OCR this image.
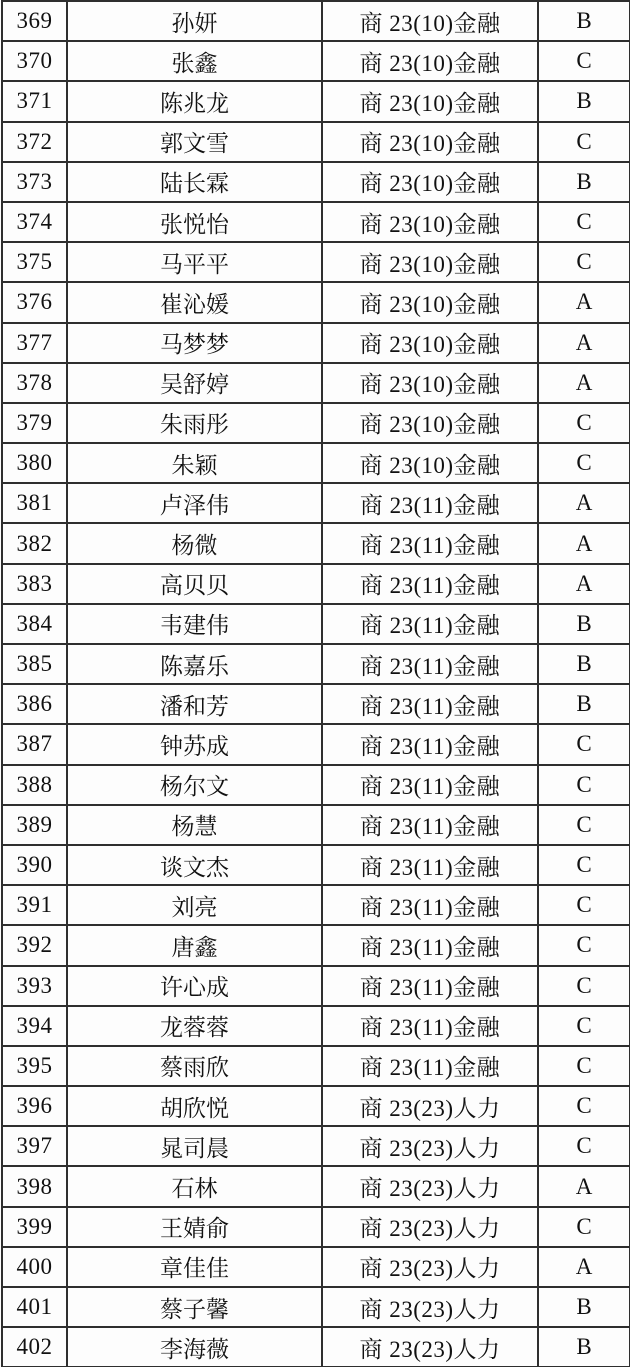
369	孙妍	商 23(10)金融	B
370	张鑫	商 23(10)金融	C
371	陈兆龙	商 23(10)金融	B
372	郭文雪	商 23(10)金融	C
373	陆长霖	商 23(10)金融	B
374	张悦怡	商 23(10)金融	C
375	马平平	商 23(10)金融	C
376	崔沁媛	商 23(10)金融	A
377	马梦梦	商 23(10)金融	A
378	吴舒婷	商 23(10)金融	A
379	朱雨彤	商 23(10)金融	C
380	朱颖	商 23(10)金融	C
381	卢泽伟	商 23(11)金融	A
382	杨微	商 23(11)金融	A
383	高贝贝	商 23(11)金融	A
384	韦建伟	商 23(11)金融	B
385	陈嘉乐	商 23(11)金融	B
386	潘和芳	商 23(11)金融	B
387	钟苏成	商 23(11)金融	C
388	杨尔文	商 23(11)金融	C
389	杨慧	商 23(11)金融	C
390	谈文杰	商 23(11)金融	C
391	刘亮	商 23(11)金融	C
392	唐鑫	商 23(11)金融	C
393	许心成	商 23(11)金融	C
394	龙蓉蓉	商 23(11)金融	C
395	蔡雨欣	商 23(11)金融	C
396	胡欣悦	商 23(23)人力	C
397	晁司晨	商 23(23)人力	C
398	石林	商 23(23)人力	A
399	王婧俞	商 23(23)人力	C
400	章佳佳	商 23(23)人力	A
401	蔡子馨	商 23(23)人力	B
402	李海薇	商 23(23)人力	B
